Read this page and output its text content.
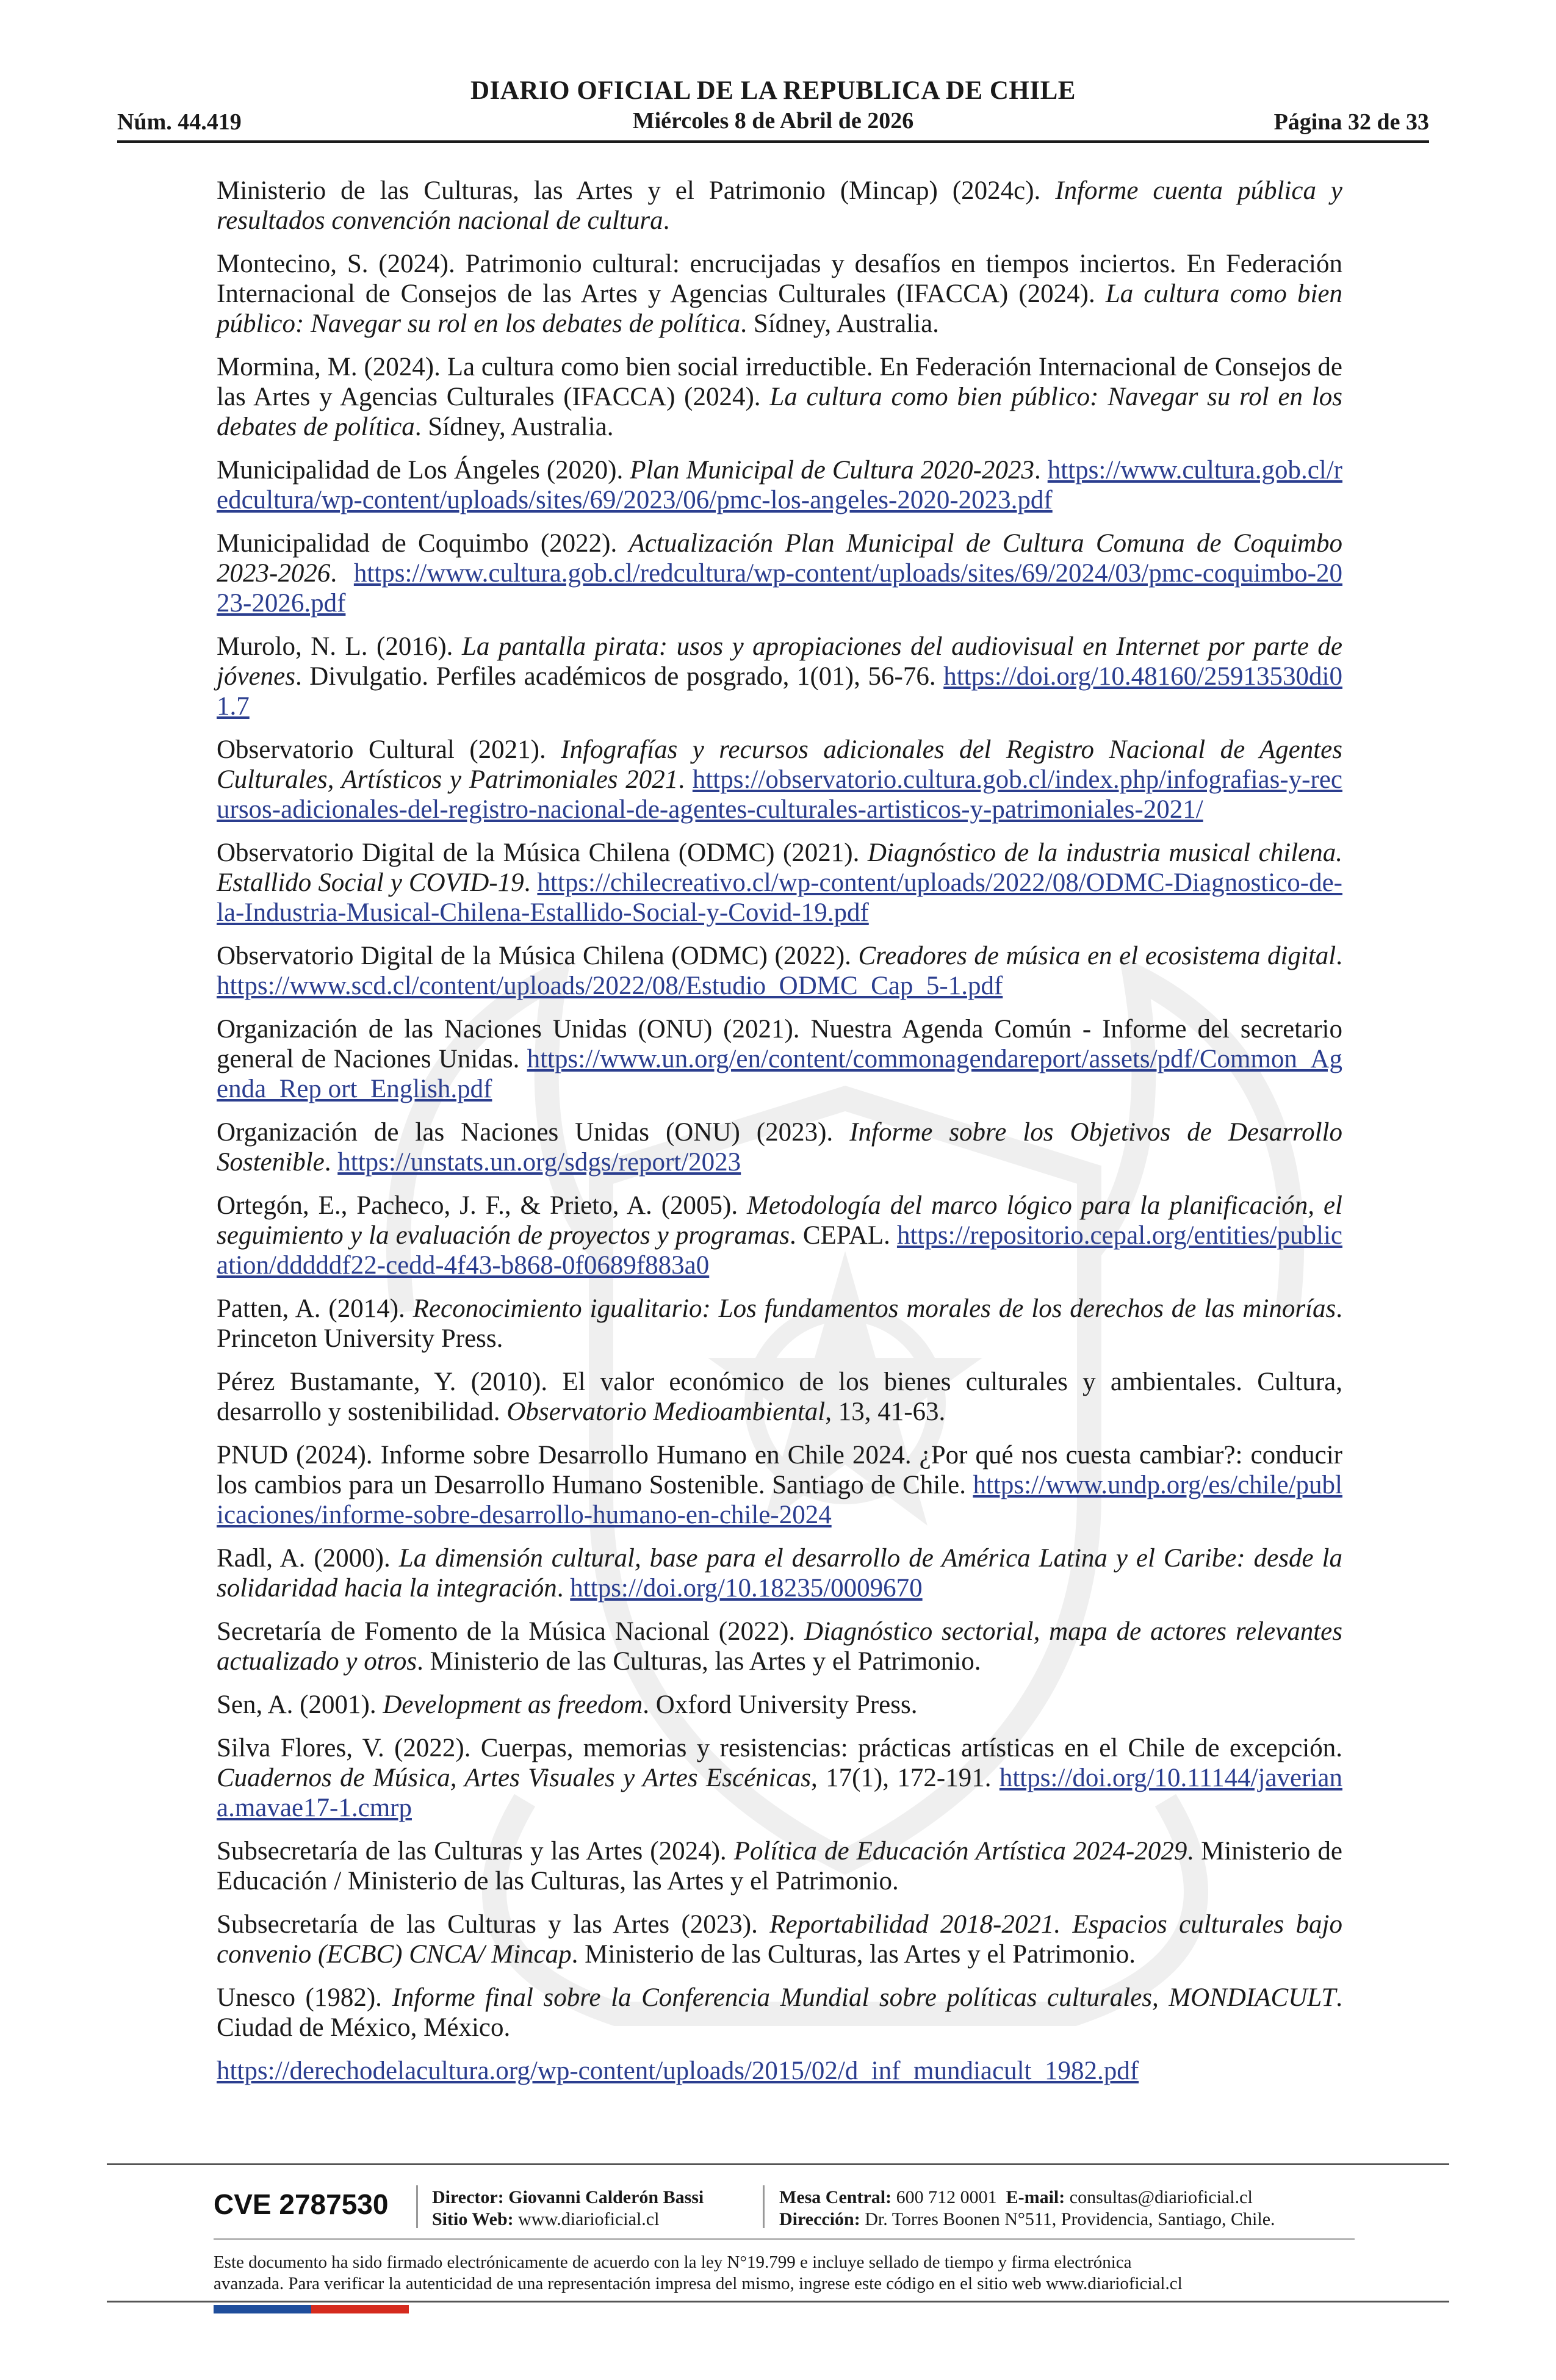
Núm. 44.419
DIARIO OFICIAL DE LA REPUBLICA DE CHILE
Miércoles 8 de Abril de 2026	Página 32 de 33

Ministerio de las Culturas, las Artes y el Patrimonio (Mincap) (2024c). Informe cuenta pública y resultados convención nacional de cultura.

Montecino, S. (2024). Patrimonio cultural: encrucijadas y desafíos en tiempos inciertos. En Federación Internacional de Consejos de las Artes y Agencias Culturales (IFACCA) (2024). La cultura como bien público: Navegar su rol en los debates de política. Sídney, Australia.

Mormina, M. (2024). La cultura como bien social irreductible. En Federación Internacional de Consejos de las Artes y Agencias Culturales (IFACCA) (2024). La cultura como bien público: Navegar su rol en los debates de política. Sídney, Australia.

Municipalidad de Los Ángeles (2020). Plan Municipal de Cultura 2020-2023. https://www.cultura.gob.cl/redcultura/wp-content/uploads/sites/69/2023/06/pmc-los-angeles-2020-2023.pdf

Municipalidad de Coquimbo (2022). Actualización Plan Municipal de Cultura Comuna de Coquimbo 2023-2026. https://www.cultura.gob.cl/redcultura/wp-content/uploads/sites/69/2024/03/pmc-coquimbo-2023-2026.pdf

Murolo, N. L. (2016). La pantalla pirata: usos y apropiaciones del audiovisual en Internet por parte de jóvenes. Divulgatio. Perfiles académicos de posgrado, 1(01), 56-76. https://doi.org/10.48160/25913530di01.7

Observatorio Cultural (2021). Infografías y recursos adicionales del Registro Nacional de Agentes Culturales, Artísticos y Patrimoniales 2021. https://observatorio.cultura.gob.cl/index.php/infografias-y-recursos-adicionales-del-registro-nacional-de-agentes-culturales-artisticos-y-patrimoniales-2021/

Observatorio Digital de la Música Chilena (ODMC) (2021). Diagnóstico de la industria musical chilena. Estallido Social y COVID-19. https://chilecreativo.cl/wp-content/uploads/2022/08/ODMC-Diagnostico-de-la-Industria-Musical-Chilena-Estallido-Social-y-Covid-19.pdf

Observatorio Digital de la Música Chilena (ODMC) (2022). Creadores de música en el ecosistema digital. https://www.scd.cl/content/uploads/2022/08/Estudio_ODMC_Cap_5-1.pdf

Organización de las Naciones Unidas (ONU) (2021). Nuestra Agenda Común - Informe del secretario general de Naciones Unidas. https://www.un.org/en/content/commonagendareport/assets/pdf/Common_Agenda_Rep ort_English.pdf

Organización de las Naciones Unidas (ONU) (2023). Informe sobre los Objetivos de Desarrollo Sostenible. https://unstats.un.org/sdgs/report/2023

Ortegón, E., Pacheco, J. F., & Prieto, A. (2005). Metodología del marco lógico para la planificación, el seguimiento y la evaluación de proyectos y programas. CEPAL. https://repositorio.cepal.org/entities/publication/dddddf22-cedd-4f43-b868-0f0689f883a0

Patten, A. (2014). Reconocimiento igualitario: Los fundamentos morales de los derechos de las minorías. Princeton University Press.

Pérez Bustamante, Y. (2010). El valor económico de los bienes culturales y ambientales. Cultura, desarrollo y sostenibilidad. Observatorio Medioambiental, 13, 41-63.

PNUD (2024). Informe sobre Desarrollo Humano en Chile 2024. ¿Por qué nos cuesta cambiar?: conducir los cambios para un Desarrollo Humano Sostenible. Santiago de Chile. https://www.undp.org/es/chile/publicaciones/informe-sobre-desarrollo-humano-en-chile-2024

Radl, A. (2000). La dimensión cultural, base para el desarrollo de América Latina y el Caribe: desde la solidaridad hacia la integración. https://doi.org/10.18235/0009670

Secretaría de Fomento de la Música Nacional (2022). Diagnóstico sectorial, mapa de actores relevantes actualizado y otros. Ministerio de las Culturas, las Artes y el Patrimonio.

Sen, A. (2001). Development as freedom. Oxford University Press.

Silva Flores, V. (2022). Cuerpas, memorias y resistencias: prácticas artísticas en el Chile de excepción. Cuadernos de Música, Artes Visuales y Artes Escénicas, 17(1), 172-191. https://doi.org/10.11144/javeriana.mavae17-1.cmrp

Subsecretaría de las Culturas y las Artes (2024). Política de Educación Artística 2024-2029. Ministerio de Educación / Ministerio de las Culturas, las Artes y el Patrimonio.

Subsecretaría de las Culturas y las Artes (2023). Reportabilidad 2018-2021. Espacios culturales bajo convenio (ECBC) CNCA/ Mincap. Ministerio de las Culturas, las Artes y el Patrimonio.

Unesco (1982). Informe final sobre la Conferencia Mundial sobre políticas culturales, MONDIACULT. Ciudad de México, México.

https://derechodelacultura.org/wp-content/uploads/2015/02/d_inf_mundiacult_1982.pdf

CVE 2787530 Director: Giovanni Calderón Bassi
Sitio Web: www.diarioficial.cl
Mesa Central: 600 712 0001 E-mail: consultas@diarioficial.cl
Dirección: Dr. Torres Boonen N°511, Providencia, Santiago, Chile.
Este documento ha sido firmado electrónicamente de acuerdo con la ley N°19.799 e incluye sellado de tiempo y firma electrónica
avanzada. Para verificar la autenticidad de una representación impresa del mismo, ingrese este código en el sitio web www.diarioficial.cl
